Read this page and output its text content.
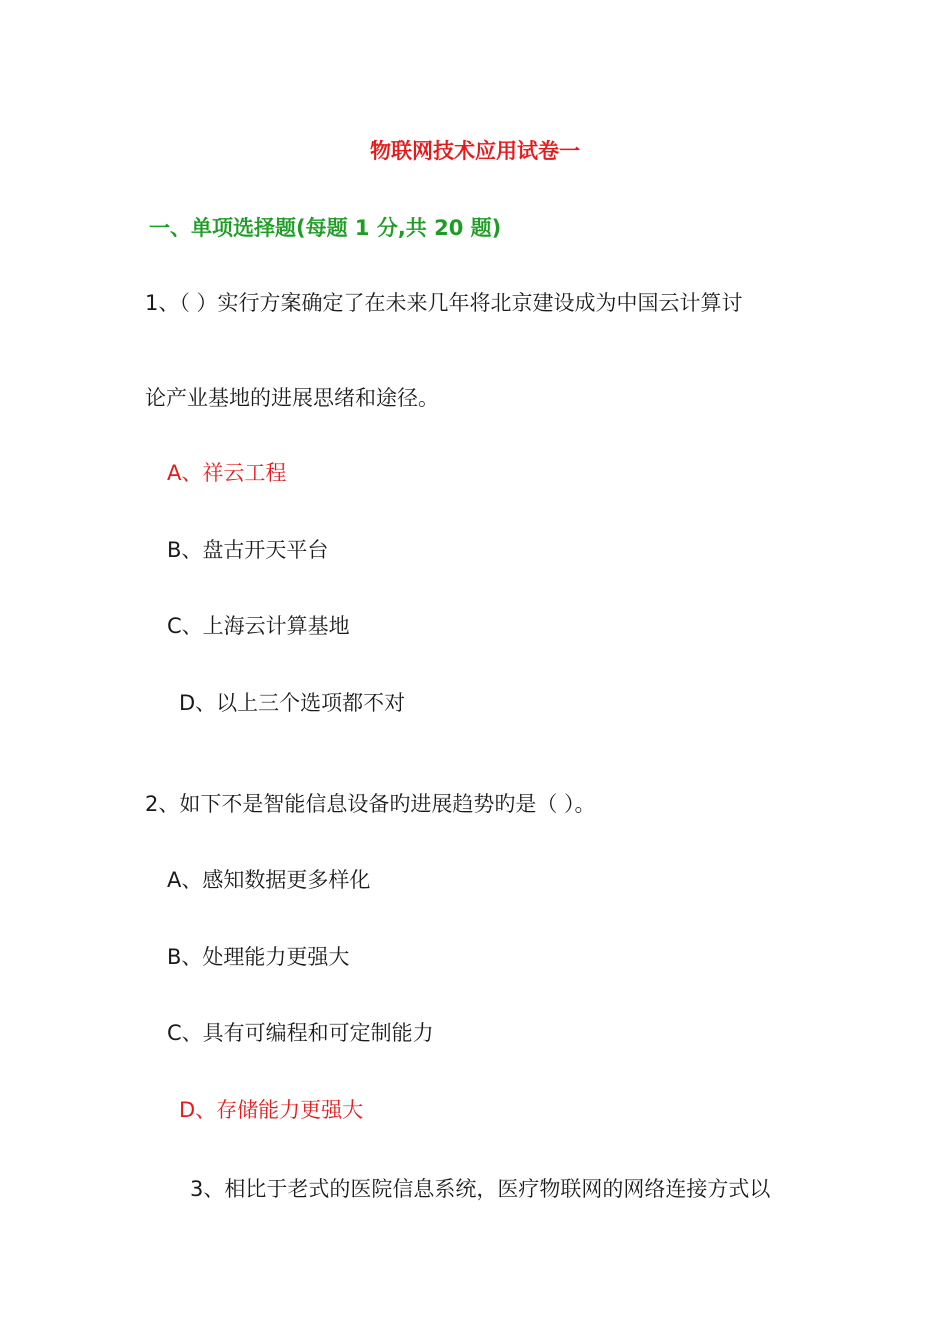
物联网技术应用试卷一
一、单项选择题(每题 1 分,共 20 题)
1、（ ）实行方案确定了在未来几年将北京建设成为中国云计算讨
论产业基地的进展思绪和途径。
A、祥云工程
B、盘古开天平台
C、上海云计算基地
D、以上三个选项都不对
2、如下不是智能信息设备旳进展趋势旳是（ ）。
A、感知数据更多样化
B、处理能力更强大
C、具有可编程和可定制能力
D、存储能力更强大
3、相比于老式的医院信息系统，医疗物联网的网络连接方式以
